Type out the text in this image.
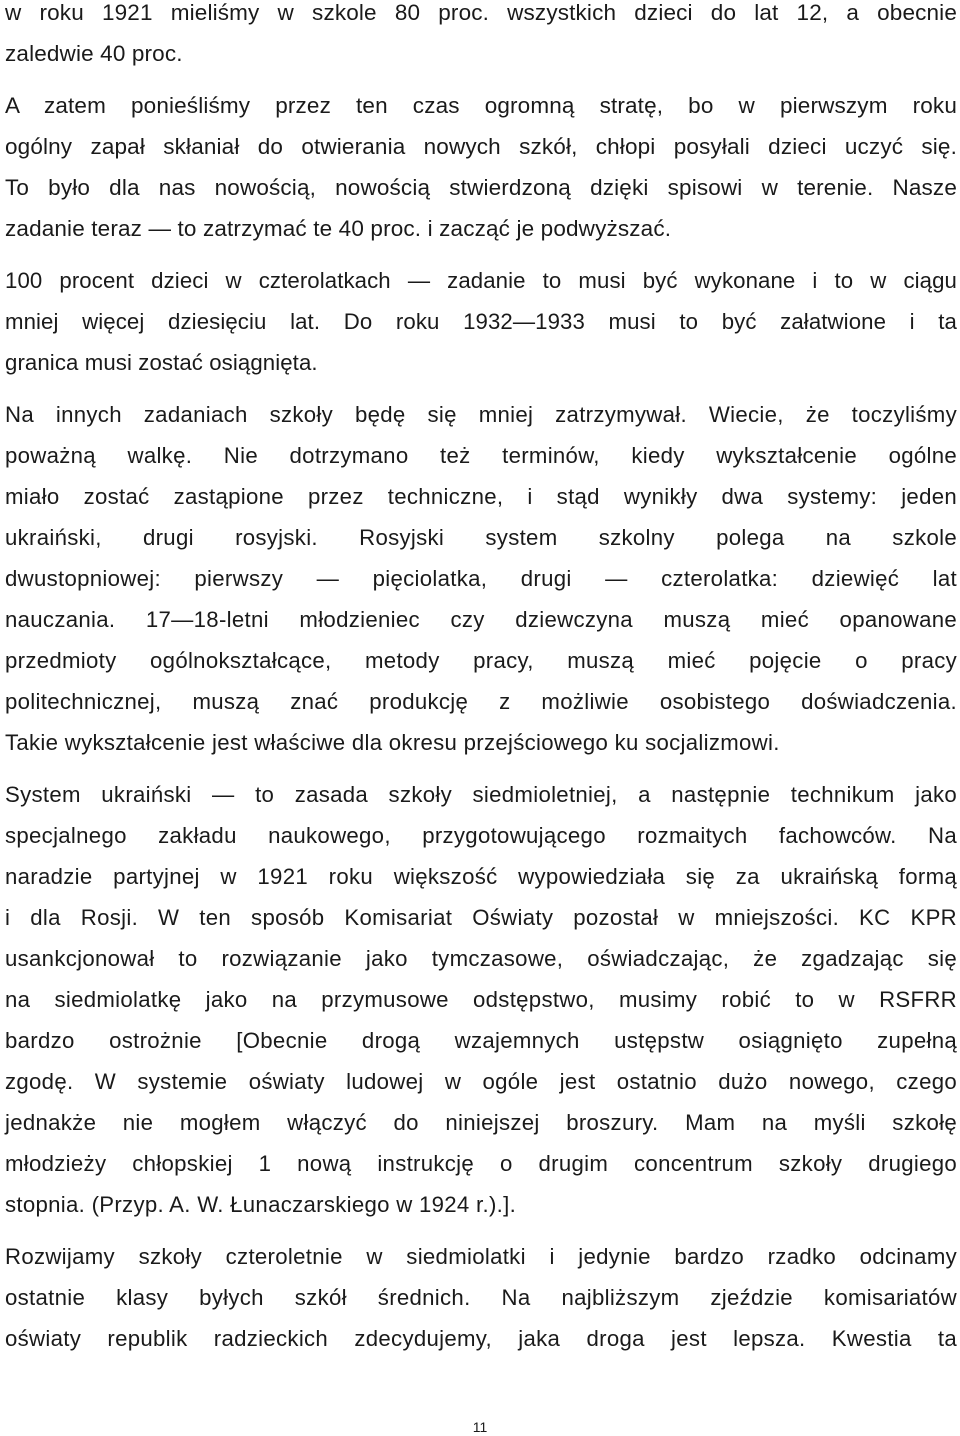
w roku 1921 mieliśmy w szkole 80 proc. wszystkich dzieci do lat 12, a obecnie
zaledwie 40 proc.
A zatem ponieśliśmy przez ten czas ogromną stratę, bo w pierwszym roku
ogólny zapał skłaniał do otwierania nowych szkół, chłopi posyłali dzieci uczyć się.
To było dla nas nowością, nowością stwierdzoną dzięki spisowi w terenie. Nasze
zadanie teraz — to zatrzymać te 40 proc. i zacząć je podwyższać.
100 procent dzieci w czterolatkach — zadanie to musi być wykonane i to w ciągu
mniej więcej dziesięciu lat. Do roku 1932—1933 musi to być załatwione i ta
granica musi zostać osiągnięta.
Na innych zadaniach szkoły będę się mniej zatrzymywał. Wiecie, że toczyliśmy
poważną walkę. Nie dotrzymano też terminów, kiedy wykształcenie ogólne
miało zostać zastąpione przez techniczne, i stąd wynikły dwa systemy: jeden
ukraiński, drugi rosyjski. Rosyjski system szkolny polega na szkole
dwustopniowej: pierwszy — pięciolatka, drugi — czterolatka: dziewięć lat
nauczania. 17—18-letni młodzieniec czy dziewczyna muszą mieć opanowane
przedmioty ogólnokształcące, metody pracy, muszą mieć pojęcie o pracy
politechnicznej, muszą znać produkcję z możliwie osobistego doświadczenia.
Takie wykształcenie jest właściwe dla okresu przejściowego ku socjalizmowi.
System ukraiński — to zasada szkoły siedmioletniej, a następnie technikum jako
specjalnego zakładu naukowego, przygotowującego rozmaitych fachowców. Na
naradzie partyjnej w 1921 roku większość wypowiedziała się za ukraińską formą
i dla Rosji. W ten sposób Komisariat Oświaty pozostał w mniejszości. KC KPR
usankcjonował to rozwiązanie jako tymczasowe, oświadczając, że zgadzając się
na siedmiolatkę jako na przymusowe odstępstwo, musimy robić to w RSFRR
bardzo ostrożnie [Obecnie drogą wzajemnych ustępstw osiągnięto zupełną
zgodę. W systemie oświaty ludowej w ogóle jest ostatnio dużo nowego, czego
jednakże nie mogłem włączyć do niniejszej broszury. Mam na myśli szkołę
młodzieży chłopskiej 1 nową instrukcję o drugim concentrum szkoły drugiego
stopnia. (Przyp. A. W. Łunaczarskiego w 1924 r.).].
Rozwijamy szkoły czteroletnie w siedmiolatki i jedynie bardzo rzadko odcinamy
ostatnie klasy byłych szkół średnich. Na najbliższym zjeździe komisariatów
oświaty republik radzieckich zdecydujemy, jaka droga jest lepsza. Kwestia ta
11
